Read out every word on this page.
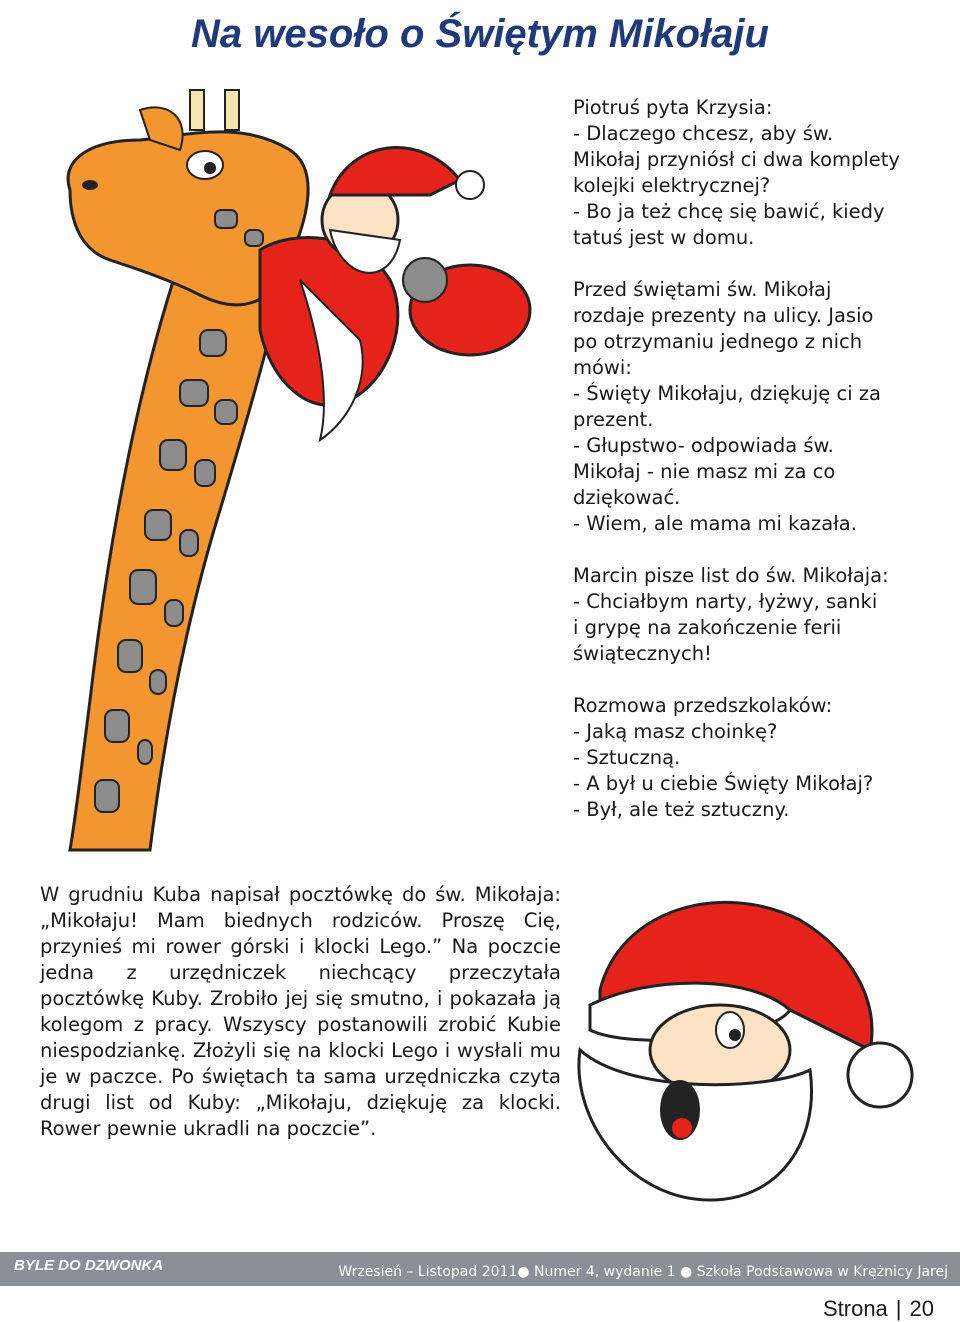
Na wesoło o Świętym Mikołaju

Piotruś pyta Krzysia:
- Dlaczego chcesz, aby św.
Mikołaj przyniósł ci dwa komplety
kolejki elektrycznej?
- Bo ja też chcę się bawić, kiedy
tatuś jest w domu.

Przed świętami św. Mikołaj
rozdaje prezenty na ulicy. Jasio
po otrzymaniu jednego z nich
mówi:
- Święty Mikołaju, dziękuję ci za
prezent.
- Głupstwo- odpowiada św.
Mikołaj - nie masz mi za co
dziękować.
- Wiem, ale mama mi kazała.

Marcin pisze list do św. Mikołaja:
- Chciałbym narty, łyżwy, sanki
i grypę na zakończenie ferii
świątecznych!

Rozmowa przedszkolaków:
- Jaką masz choinkę?
- Sztuczną.
- A był u ciebie Święty Mikołaj?
- Był, ale też sztuczny.

W grudniu Kuba napisał pocztówkę do św. Mikołaja: „Mikołaju! Mam biednych rodziców. Proszę Cię, przynieś mi rower górski i klocki Lego.” Na poczcie jedna z urzędniczek niechcący przeczytała pocztówkę Kuby. Zrobiło jej się smutno, i pokazała ją kolegom z pracy. Wszyscy postanowili zrobić Kubie niespodziankę. Złożyli się na klocki Lego i wysłali mu je w paczce. Po świętach ta sama urzędniczka czyta drugi list od Kuby: „Mikołaju, dziękuję za klocki. Rower pewnie ukradli na poczcie”.
BYLE DO DZWONKA	Wrzesień – Listopad 2011● Numer 4, wydanie 1 ● Szkoła Podstawowa w Krężnicy Jarej
Strona | 20
